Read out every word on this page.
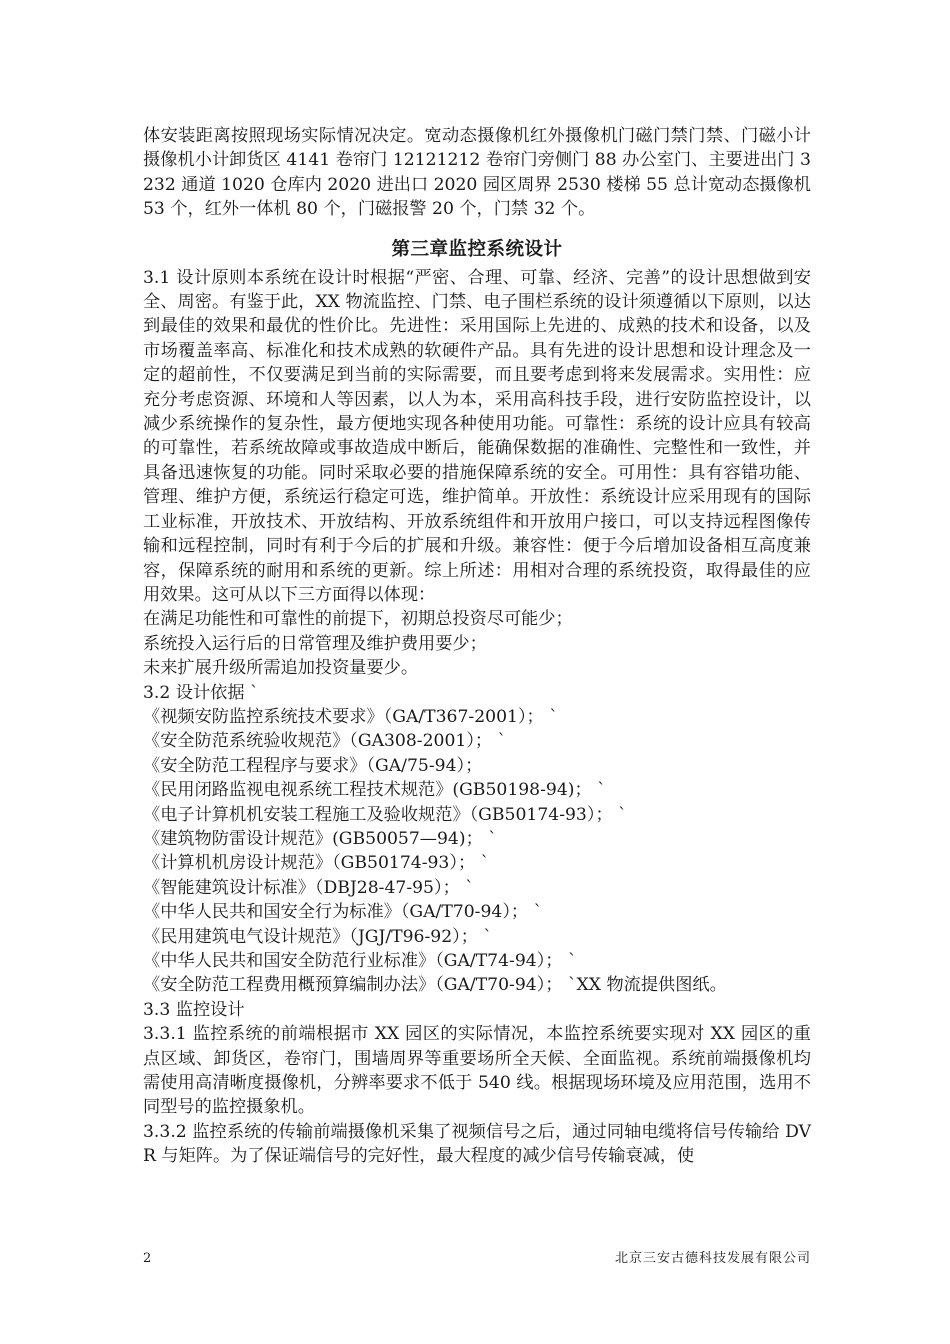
体安装距离按照现场实际情况决定。宽动态摄像机红外摄像机门磁门禁门禁、门磁小计摄像机小计卸货区 4141 卷帘门 12121212 卷帘门旁侧门 88 办公室门、主要进出门 3232 通道 1020 仓库内 2020 进出口 2020 园区周界 2530 楼梯 55 总计宽动态摄像机 53 个，红外一体机 80 个，门磁报警 20 个，门禁 32 个。

第三章监控系统设计

3.1 设计原则本系统在设计时根据“严密、合理、可靠、经济、完善”的设计思想做到安全、周密。有鉴于此，XX 物流监控、门禁、电子围栏系统的设计须遵循以下原则，以达到最佳的效果和最优的性价比。先进性：采用国际上先进的、成熟的技术和设备，以及市场覆盖率高、标准化和技术成熟的软硬件产品。具有先进的设计思想和设计理念及一定的超前性，不仅要满足到当前的实际需要，而且要考虑到将来发展需求。实用性：应充分考虑资源、环境和人等因素，以人为本，采用高科技手段，进行安防监控设计，以减少系统操作的复杂性，最方便地实现各种使用功能。可靠性：系统的设计应具有较高的可靠性，若系统故障或事故造成中断后，能确保数据的准确性、完整性和一致性，并具备迅速恢复的功能。同时采取必要的措施保障系统的安全。可用性：具有容错功能、管理、维护方便，系统运行稳定可选，维护简单。开放性：系统设计应采用现有的国际工业标准，开放技术、开放结构、开放系统组件和开放用户接口，可以支持远程图像传输和远程控制，同时有利于今后的扩展和升级。兼容性：便于今后增加设备相互高度兼容，保障系统的耐用和系统的更新。综上所述：用相对合理的系统投资，取得最佳的应用效果。这可从以下三方面得以体现：

在满足功能性和可靠性的前提下，初期总投资尽可能少；

系统投入运行后的日常管理及维护费用要少；

未来扩展升级所需追加投资量要少。

3.2 设计依据 `

《视频安防监控系统技术要求》（GA/T367-2001）； `

《安全防范系统验收规范》（GA308-2001）； `

《安全防范工程程序与要求》（GA/75-94）；

《民用闭路监视电视系统工程技术规范》(GB50198-94)； `

《电子计算机机安装工程施工及验收规范》（GB50174-93）； `

《建筑物防雷设计规范》(GB50057—94)； `

《计算机机房设计规范》（GB50174-93）； `

《智能建筑设计标准》（DBJ28-47-95）； `

《中华人民共和国安全行为标准》（GA/T70-94）； `

《民用建筑电气设计规范》（JGJ/T96-92）； `

《中华人民共和国安全防范行业标准》（GA/T74-94）； `

《安全防范工程费用概预算编制办法》（GA/T70-94）； `XX 物流提供图纸。

3.3 监控设计

3.3.1 监控系统的前端根据市 XX 园区的实际情况，本监控系统要实现对 XX 园区的重点区域、卸货区，卷帘门，围墙周界等重要场所全天候、全面监视。系统前端摄像机均需使用高清晰度摄像机，分辨率要求不低于 540 线。根据现场环境及应用范围，选用不同型号的监控摄象机。

3.3.2 监控系统的传输前端摄像机采集了视频信号之后，通过同轴电缆将信号传输给 DVR 与矩阵。为了保证端信号的完好性，最大程度的减少信号传输衰减，使

2	北京三安古德科技发展有限公司
